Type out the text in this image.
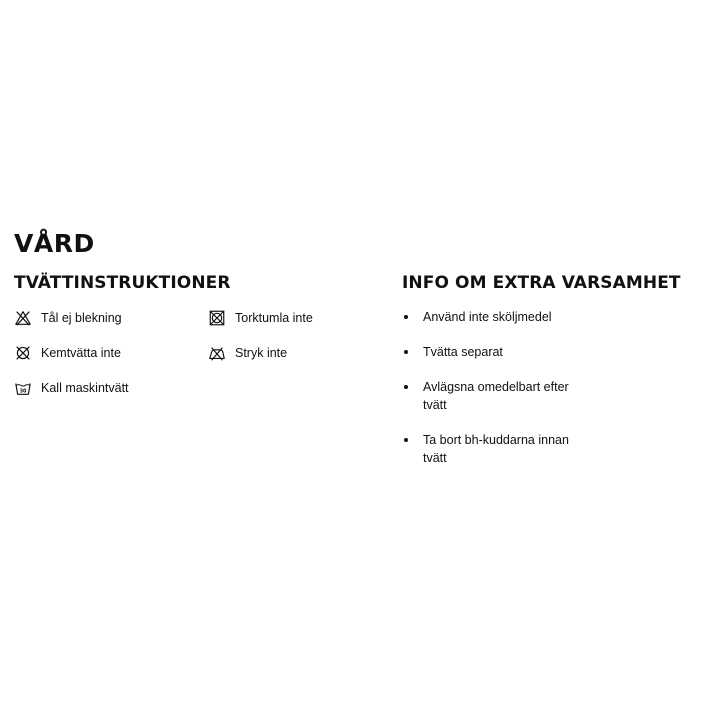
VÅRD
TVÄTTINSTRUKTIONER
Tål ej blekning	Torktumla inte
Kemtvätta inte	Stryk inte
30 Kall maskintvätt
INFO OM EXTRA VARSAMHET
Använd inte sköljmedel
Tvätta separat
Avlägsna omedelbart efter tvätt
Ta bort bh-kuddarna innan tvätt
